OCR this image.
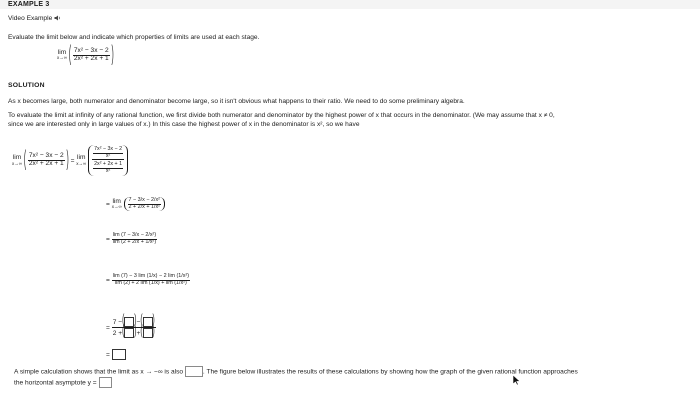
EXAMPLE 3
Video Example
Evaluate the limit below and indicate which properties of limits are used at each stage.
lim
x→∞ ( $\frac{\text{7x² − 3x − 2}}{\text{2x² + 2x + 1}}$ )
SOLUTION
As x becomes large, both numerator and denominator become large, so it isn't obvious what happens to their ratio. We need to do some preliminary algebra.
To evaluate the limit at infinity of any rational function, we first divide both numerator and denominator by the highest power of x that occurs in the denominator. (We may assume that x ≠ 0,
since we are interested only in large values of x.) In this case the highest power of x in the denominator is x², so we have
lim
x→∞ ( $\frac{\text{7x² − 3x − 2}}{\text{2x² + 2x + 1}}$ ) = lim
x→∞
$\frac{\frac{\text{7x² − 3x − 2}}{\text{x²}}}{\frac{\text{2x² + 2x + 1}}{\text{x²}}}$
= lim
x→∞
$\frac{\text{7 − 3/x − 2/x²}}{\text{2 + 2/x + 1/x²}}$
= $\frac{\text{lim (7 − 3/x − 2/x²)}}{\text{lim (2 + 2/x + 1/x²)}}$
= $\frac{\text{lim (7) − 3 lim (1/x) − 2 lim (1/x²)}}{\text{lim (2) + 2 lim (1/x) + lim (1/x²)}}$
= $\frac{7 -( )-( )}{2 +( )+( )}$
=
A simple calculation shows that the limit as x → −∞ is also	. The figure below illustrates the results of these calculations by showing how the graph of the given rational function approaches
the horizontal asymptote y =
